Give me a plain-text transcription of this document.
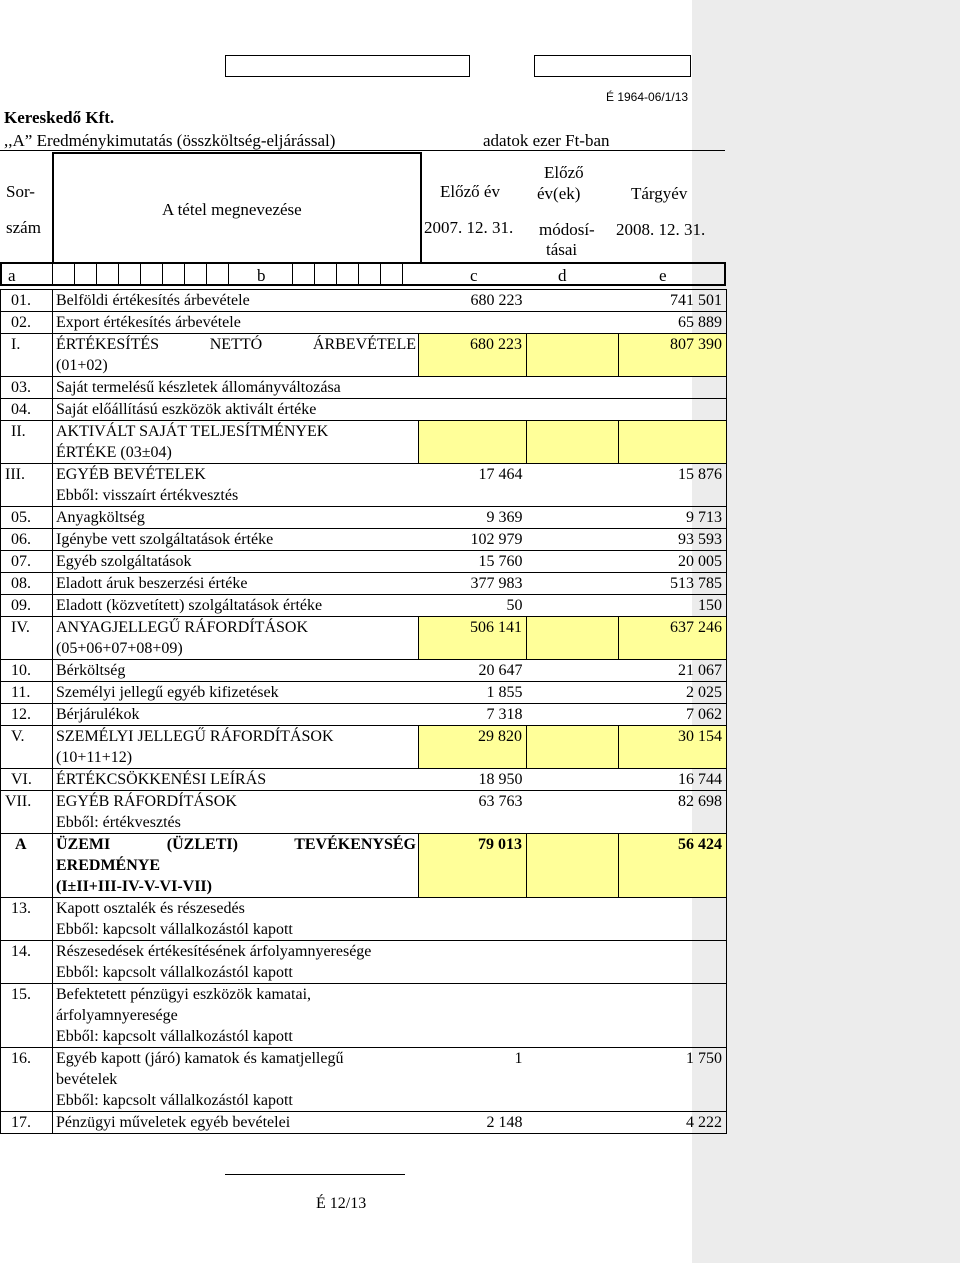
É 1964-06/1/13
Kereskedő Kft.
,,A” Eredménykimutatás (összköltség-eljárással)	adatok ezer Ft-ban
Sor-
szám
A tétel megnevezése
Előző év
2007. 12. 31.
Előző
év(ek)
módosí-
tásai
Tárgyév
2008. 12. 31.
a	b	c	d	e
01.	Belföldi értékesítés árbevétele	680 223		741 501
02.	Export értékesítés árbevétele			65 889
I.	ÉRTÉKESÍTÉS NETTÓ ÁRBEVÉTELE
(01+02)	680 223		807 390
03.	Saját termelésű készletek állományváltozása			

04.	Saját előállítású eszközök aktivált értéke			

II.	AKTIVÁLT SAJÁT TELJESÍTMÉNYEK
ÉRTÉKE (03±04)			

III.	EGYÉB BEVÉTELEK	17 464		15 876

	Ebből: visszaírt értékvesztés			

05.	Anyagköltség	9 369		9 713
06.	Igénybe vett szolgáltatások értéke	102 979		93 593
07.	Egyéb szolgáltatások	15 760		20 005
08.	Eladott áruk beszerzési értéke	377 983		513 785
09.	Eladott (közvetített) szolgáltatások értéke	50		150
IV.	ANYAGJELLEGŰ RÁFORDÍTÁSOK
(05+06+07+08+09)	506 141		637 246
10.	Bérköltség	20 647		21 067
11.	Személyi jellegű egyéb kifizetések	1 855		2 025
12.	Bérjárulékok	7 318		7 062
V.	SZEMÉLYI JELLEGŰ RÁFORDÍTÁSOK
(10+11+12)	29 820		30 154
VI.	ÉRTÉKCSÖKKENÉSI LEÍRÁS	18 950		16 744
VII.	EGYÉB RÁFORDÍTÁSOK	63 763		82 698

	Ebből: értékvesztés			

A	ÜZEMI (ÜZLETI) TEVÉKENYSÉG
EREDMÉNYE
(I±II+III-IV-V-VI-VII)	79 013		56 424
13.	Kapott osztalék és részesedés			

	Ebből: kapcsolt vállalkozástól kapott			

14.	Részesedések értékesítésének árfolyamnyeresége			

	Ebből: kapcsolt vállalkozástól kapott			

15.	Befektetett pénzügyi eszközök kamatai,
árfolyamnyeresége			

	Ebből: kapcsolt vállalkozástól kapott			

16.	Egyéb kapott (járó) kamatok és kamatjellegű
bevételek	1		1 750

	Ebből: kapcsolt vállalkozástól kapott			

17.	Pénzügyi műveletek egyéb bevételei	2 148		4 222
É 12/13
